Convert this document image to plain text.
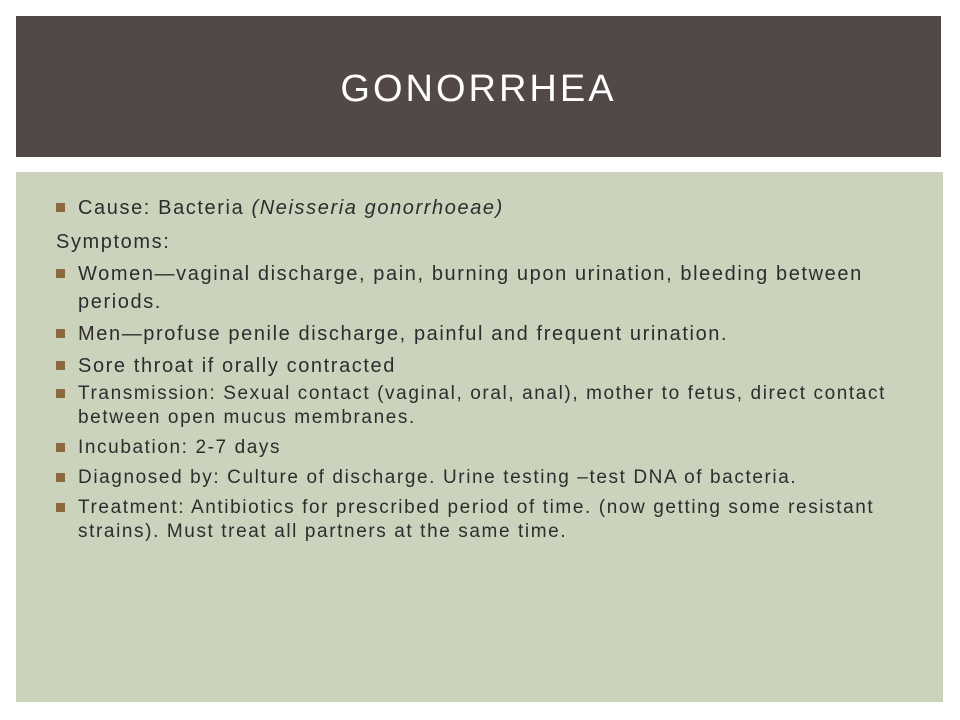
GONORRHEA
Cause: Bacteria (Neisseria gonorrhoeae)
Symptoms:
Women—vaginal discharge, pain, burning upon urination, bleeding between periods.
Men—profuse penile discharge, painful and frequent urination.
Sore throat if orally contracted
Transmission: Sexual contact (vaginal, oral, anal), mother to fetus, direct contact between open mucus membranes.
Incubation: 2-7 days
Diagnosed by: Culture of discharge. Urine testing –test DNA of bacteria.
Treatment: Antibiotics for prescribed period of time. (now getting some resistant strains). Must treat all partners at the same time.
